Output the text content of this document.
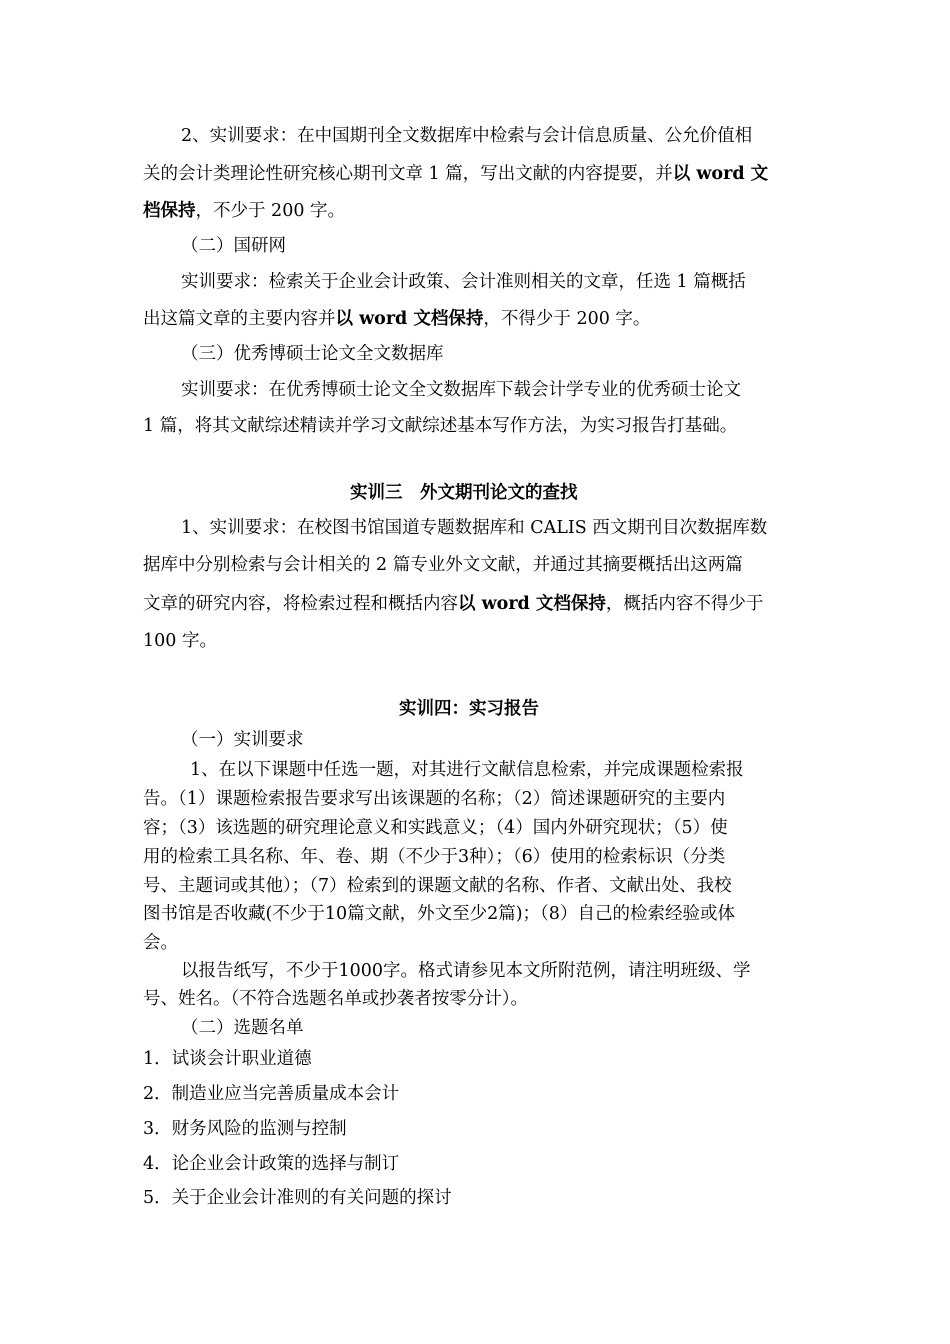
2、实训要求：在中国期刊全文数据库中检索与会计信息质量、公允价值相
关的会计类理论性研究核心期刊文章 1 篇，写出文献的内容提要，并以 word 文
档保持，不少于 200 字。
（二）国研网
实训要求：检索关于企业会计政策、会计准则相关的文章，任选 1 篇概括
出这篇文章的主要内容并以 word 文档保持，不得少于 200 字。
（三）优秀博硕士论文全文数据库
实训要求：在优秀博硕士论文全文数据库下载会计学专业的优秀硕士论文
1 篇，将其文献综述精读并学习文献综述基本写作方法，为实习报告打基础。
实训三　外文期刊论文的查找
1、实训要求：在校图书馆国道专题数据库和 CALIS 西文期刊目次数据库数
据库中分别检索与会计相关的 2 篇专业外文文献，并通过其摘要概括出这两篇
文章的研究内容，将检索过程和概括内容以 word 文档保持，概括内容不得少于
100 字。
实训四：实习报告
（一）实训要求
1、在以下课题中任选一题，对其进行文献信息检索，并完成课题检索报
告。（1）课题检索报告要求写出该课题的名称；（2）简述课题研究的主要内
容；（3）该选题的研究理论意义和实践意义；（4）国内外研究现状；（5）使
用的检索工具名称、年、卷、期（不少于3种）；（6）使用的检索标识（分类
号、主题词或其他）；（7）检索到的课题文献的名称、作者、文献出处、我校
图书馆是否收藏(不少于10篇文献，外文至少2篇)；（8）自己的检索经验或体
会。
以报告纸写，不少于1000字。格式请参见本文所附范例，请注明班级、学
号、姓名。（不符合选题名单或抄袭者按零分计）。
（二）选题名单
1．试谈会计职业道德
2．制造业应当完善质量成本会计
3．财务风险的监测与控制
4．论企业会计政策的选择与制订
5．关于企业会计准则的有关问题的探讨
